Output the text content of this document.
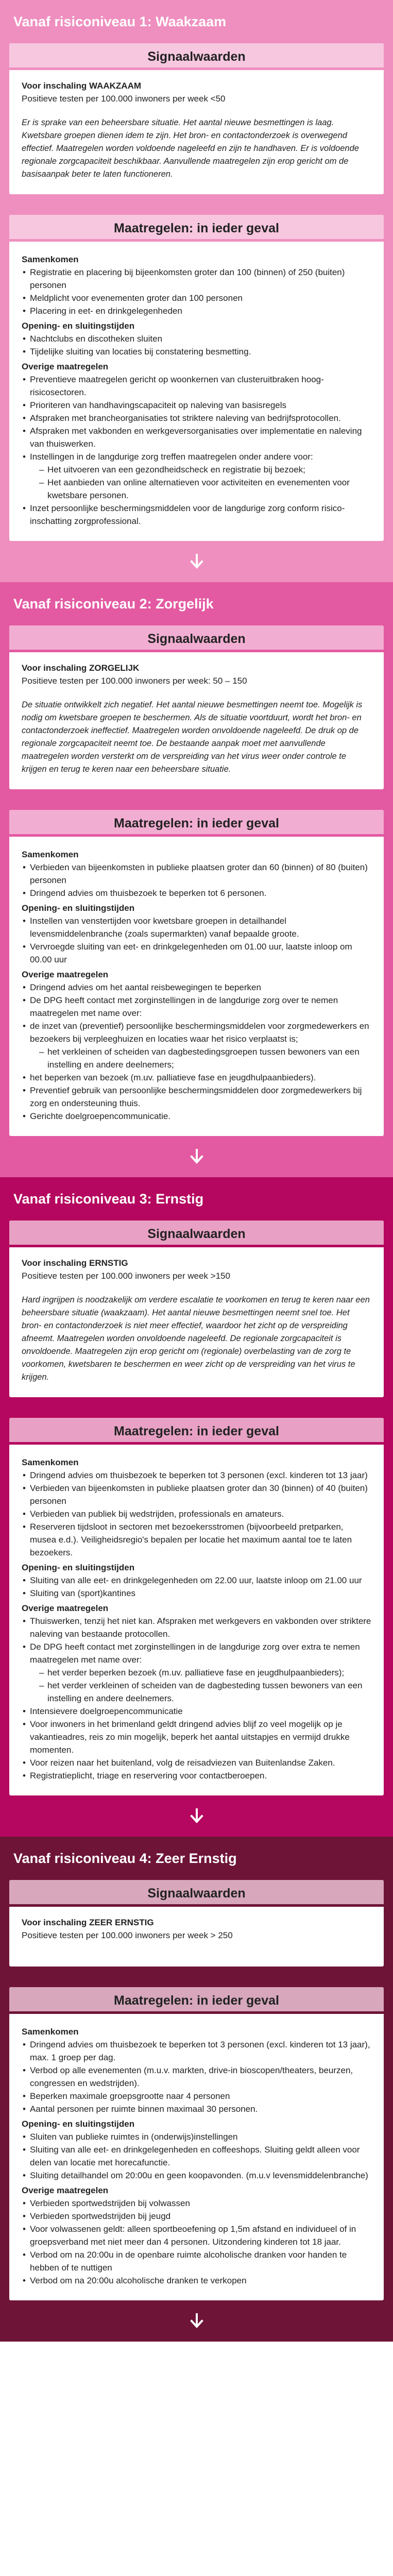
Vanaf risiconiveau 1: Waakzaam
Signaalwaarden
Voor inschaling WAAKZAAM
Positieve testen per 100.000 inwoners per week <50
Er is sprake van een beheersbare situatie. Het aantal nieuwe besmettingen is laag. Kwetsbare groepen dienen idem te zijn. Het bron- en contactonderzoek is overwegend effectief. Maatregelen worden voldoende nageleefd en zijn te handhaven. Er is voldoende regionale zorgcapaciteit beschikbaar. Aanvullende maatregelen zijn erop gericht om de basisaanpak beter te laten functioneren.
Maatregelen: in ieder geval
Samenkomen
• Registratie en placering bij bijeenkomsten groter dan 100 (binnen) of 250 (buiten) personen
• Meldplicht voor evenementen groter dan 100 personen
• Placering in eet- en drinkgelegenheden
Opening- en sluitingstijden
• Nachtclubs en discotheken sluiten
• Tijdelijke sluiting van locaties bij constatering besmetting.
Overige maatregelen
• Preventieve maatregelen gericht op woonkernen van clusteruitbraken hoog-risicosectoren.
• Prioriteren van handhavingscapaciteit op naleving van basisregels
• Afspraken met brancheorganisaties tot striktere naleving van bedrijfsprotocollen.
• Afspraken met vakbonden en werkgeversorganisaties over implementatie en naleving van thuiswerken.
• Instellingen in de langdurige zorg treffen maatregelen onder andere voor:
– Het uitvoeren van een gezondheidscheck en registratie bij bezoek;
– Het aanbieden van online alternatieven voor activiteiten en evenementen voor kwetsbare personen.
• Inzet persoonlijke beschermingsmiddelen voor de langdurige zorg conform risico-inschatting zorgprofessional.
Vanaf risiconiveau 2: Zorgelijk
Signaalwaarden
Voor inschaling ZORGELIJK
Positieve testen per 100.000 inwoners per week: 50 – 150
De situatie ontwikkelt zich negatief. Het aantal nieuwe besmettingen neemt toe. Mogelijk is nodig om kwetsbare groepen te beschermen. Als de situatie voortduurt, wordt het bron- en contactonderzoek ineffectief. Maatregelen worden onvoldoende nageleefd. De druk op de regionale zorgcapaciteit neemt toe. De bestaande aanpak moet met aanvullende maatregelen worden versterkt om de verspreiding van het virus weer onder controle te krijgen en terug te keren naar een beheersbare situatie.
Maatregelen: in ieder geval
Samenkomen
• Verbieden van bijeenkomsten in publieke plaatsen groter dan 60 (binnen) of 80 (buiten) personen
• Dringend advies om thuisbezoek te beperken tot 6 personen.
Opening- en sluitingstijden
• Instellen van venstertijden voor kwetsbare groepen in detailhandel levensmiddelenbranche (zoals supermarkten) vanaf bepaalde groote.
• Vervroegde sluiting van eet- en drinkgelegenheden om 01.00 uur, laatste inloop om 00.00 uur
Overige maatregelen
• Dringend advies om het aantal reisbewegingen te beperken
• De DPG heeft contact met zorginstellingen in de langdurige zorg over te nemen maatregelen met name over:
• de inzet van (preventief) persoonlijke beschermingsmiddelen voor zorgmedewerkers en bezoekers bij verpleeghuizen en locaties waar het risico verplaatst is;
– het verkleinen of scheiden van dagbestedingsgroepen tussen bewoners van een instelling en andere deelnemers;
• het beperken van bezoek (m.uv. palliatieve fase en jeugdhulpaanbieders).
• Preventief gebruik van persoonlijke beschermingsmiddelen door zorgmedewerkers bij zorg en ondersteuning thuis.
• Gerichte doelgroepencommunicatie.
Vanaf risiconiveau 3: Ernstig
Signaalwaarden
Voor inschaling ERNSTIG
Positieve testen per 100.000 inwoners per week >150
Hard ingrijpen is noodzakelijk om verdere escalatie te voorkomen en terug te keren naar een beheersbare situatie (waakzaam). Het aantal nieuwe besmettingen neemt snel toe. Het bron- en contactonderzoek is niet meer effectief, waardoor het zicht op de verspreiding afneemt. Maatregelen worden onvoldoende nageleefd. De regionale zorgcapaciteit is onvoldoende. Maatregelen zijn erop gericht om (regionale) overbelasting van de zorg te voorkomen, kwetsbaren te beschermen en weer zicht op de verspreiding van het virus te krijgen.
Maatregelen: in ieder geval
Samenkomen
• Dringend advies om thuisbezoek te beperken tot 3 personen (excl. kinderen tot 13 jaar)
• Verbieden van bijeenkomsten in publieke plaatsen groter dan 30 (binnen) of 40 (buiten) personen
• Verbieden van publiek bij wedstrijden, professionals en amateurs.
• Reserveren tijdsloot in sectoren met bezoekersstromen (bijvoorbeeld pretparken, musea e.d.). Veiligheidsregio's bepalen per locatie het maximum aantal toe te laten bezoekers.
Opening- en sluitingstijden
• Sluiting van alle eet- en drinkgelegenheden om 22.00 uur, laatste inloop om 21.00 uur
• Sluiting van (sport)kantines
Overige maatregelen
• Thuiswerken, tenzij het niet kan. Afspraken met werkgevers en vakbonden over striktere naleving van bestaande protocollen.
• De DPG heeft contact met zorginstellingen in de langdurige zorg over extra te nemen maatregelen met name over:
– het verder beperken bezoek (m.uv. palliatieve fase en jeugdhulpaanbieders);
– het verder verkleinen of scheiden van de dagbesteding tussen bewoners van een instelling en andere deelnemers.
• Intensievere doelgroepencommunicatie
• Voor inwoners in het brimenland geldt dringend advies blijf zo veel mogelijk op je vakantieadres, reis zo min mogelijk, beperk het aantal uitstapjes en vermijd drukke momenten.
• Voor reizen naar het buitenland, volg de reisadviezen van Buitenlandse Zaken.
• Registratieplicht, triage en reservering voor contactberoepen.
Vanaf risiconiveau 4: Zeer Ernstig
Signaalwaarden
Voor inschaling ZEER ERNSTIG
Positieve testen per 100.000 inwoners per week > 250
Maatregelen: in ieder geval
Samenkomen
• Dringend advies om thuisbezoek te beperken tot 3 personen (excl. kinderen tot 13 jaar), max. 1 groep per dag.
• Verbod op alle evenementen (m.u.v. markten, drive-in bioscopen/theaters, beurzen, congressen en wedstrijden).
• Beperken maximale groepsgrootte naar 4 personen
• Aantal personen per ruimte binnen maximaal 30 personen.
Opening- en sluitingstijden
• Sluiten van publieke ruimtes in (onderwijs)instellingen
• Sluiting van alle eet- en drinkgelegenheden en coffeeshops. Sluiting geldt alleen voor delen van locatie met horecafunctie.
• Sluiting detailhandel om 20:00u en geen koopavonden. (m.u.v levensmiddelenbranche)
Overige maatregelen
• Verbieden sportwedstrijden bij volwassen
• Verbieden sportwedstrijden bij jeugd
• Voor volwassenen geldt: alleen sportbeoefening op 1,5m afstand en individueel of in groepsverband met niet meer dan 4 personen. Uitzondering kinderen tot 18 jaar.
• Verbod om na 20:00u in de openbare ruimte alcoholische dranken voor handen te hebben of te nuttigen
• Verbod om na 20:00u alcoholische dranken te verkopen
